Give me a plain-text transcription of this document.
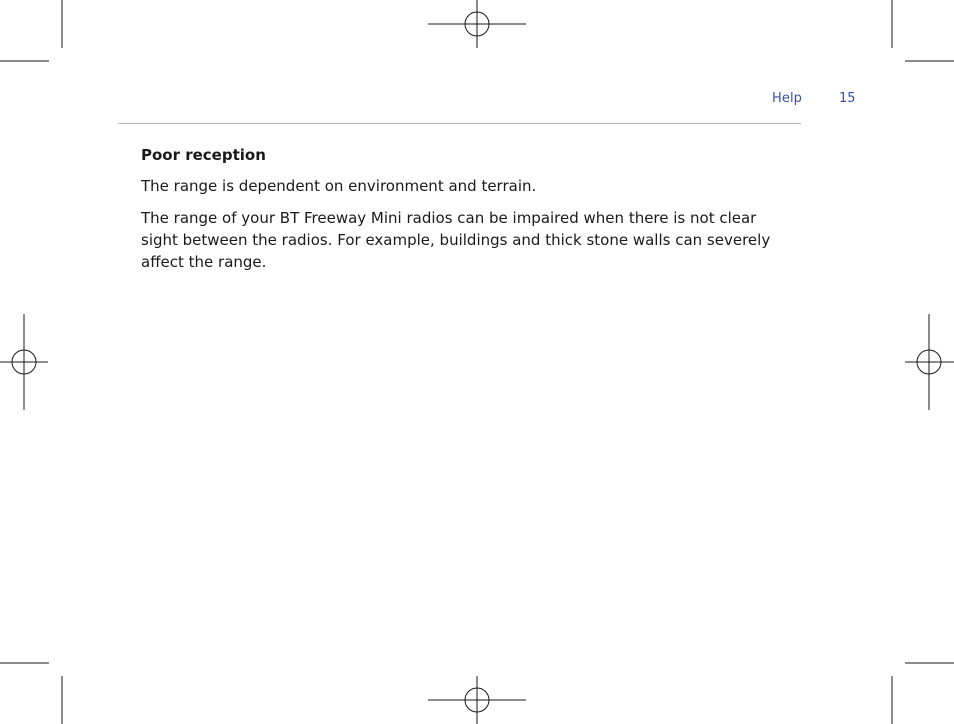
Help	15
Poor reception

The range is dependent on environment and terrain.

The range of your BT Freeway Mini radios can be impaired when there is not clear sight between the radios. For example, buildings and thick stone walls can severely affect the range.
